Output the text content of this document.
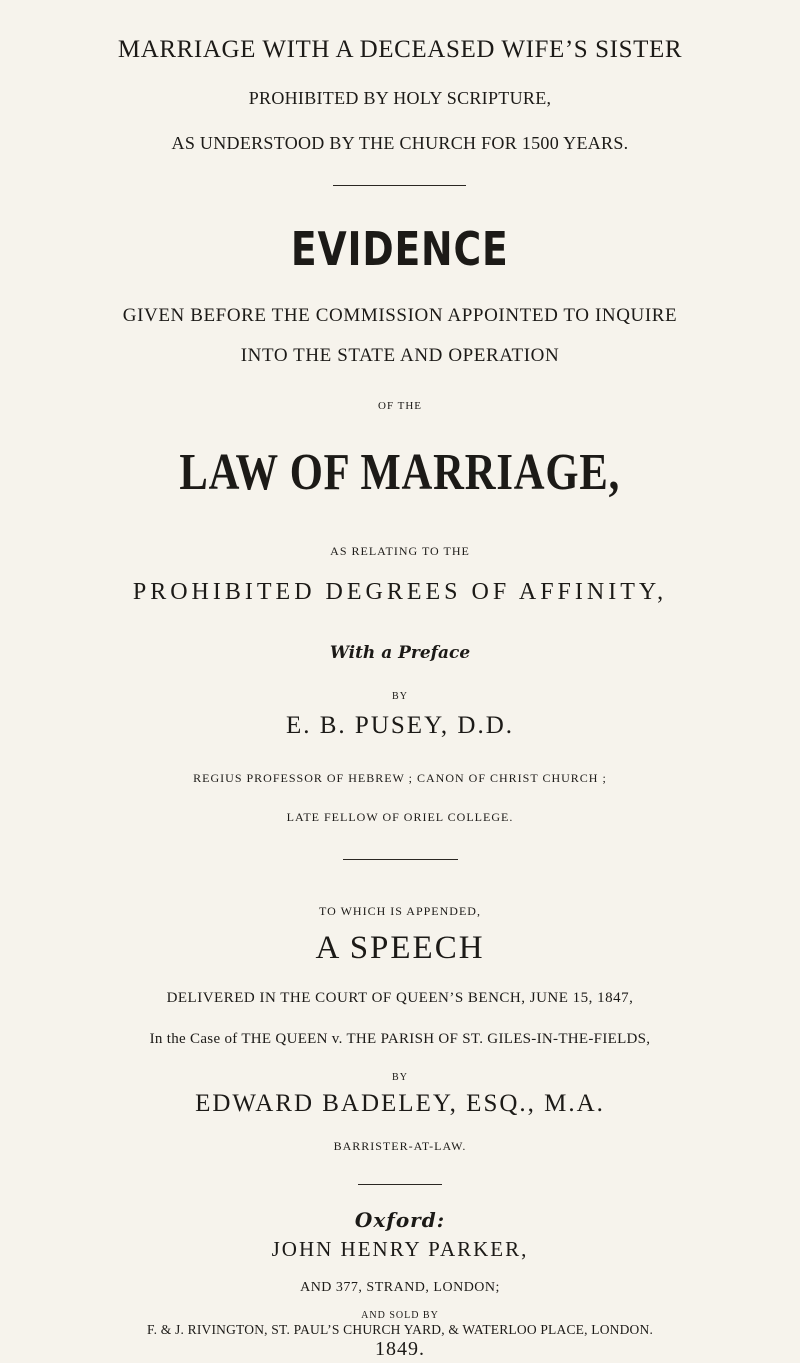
MARRIAGE WITH A DECEASED WIFE’S SISTER
PROHIBITED BY HOLY SCRIPTURE,
AS UNDERSTOOD BY THE CHURCH FOR 1500 YEARS.
EVIDENCE
GIVEN BEFORE THE COMMISSION APPOINTED TO INQUIRE
INTO THE STATE AND OPERATION
OF THE
LAW OF MARRIAGE,
AS RELATING TO THE
PROHIBITED DEGREES OF AFFINITY,
With a Preface
BY
E. B. PUSEY, D.D.
REGIUS PROFESSOR OF HEBREW ; CANON OF CHRIST CHURCH ;
LATE FELLOW OF ORIEL COLLEGE.
TO WHICH IS APPENDED,
A SPEECH
DELIVERED IN THE COURT OF QUEEN’S BENCH, JUNE 15, 1847,
In the Case of THE QUEEN v. THE PARISH OF ST. GILES-IN-THE-FIELDS,
BY
EDWARD BADELEY, ESQ., M.A.
BARRISTER-AT-LAW.
Oxford:
JOHN HENRY PARKER,
AND 377, STRAND, LONDON;
AND SOLD BY
F. & J. RIVINGTON, ST. PAUL’S CHURCH YARD, & WATERLOO PLACE, LONDON.
1849.
